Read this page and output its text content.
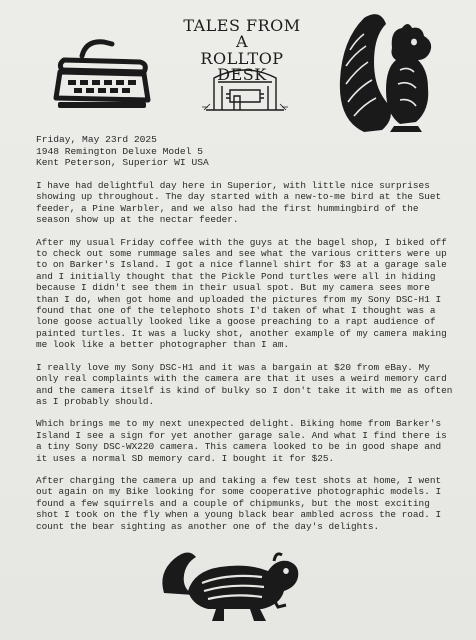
TALES FROM A
ROLLTOP DESK
Friday, May 23rd 2025
1948 Remington Deluxe Model 5
Kent Peterson, Superior WI USA

I have had delightful day here in Superior, with little nice surprises showing up throughout. The day started with a new-to-me bird at the Suet feeder, a Pine Warbler, and we also had the first hummingbird of the season show up at the nectar feeder.

After my usual Friday coffee with the guys at the bagel shop, I biked off to check out some rummage sales and see what the various critters were up to on Barker's Island. I got a nice flannel shirt for $3 at a garage sale and I initially thought that the Pickle Pond turtles were all in hiding because I didn't see them in their usual spot. But my camera sees more than I do, when got home and uploaded the pictures from my Sony DSC-H1 I found that one of the telephoto shots I'd taken of what I thought was a lone goose actually looked like a goose preaching to a rapt audience of painted turtles. It was a lucky shot, another example of my camera making me look like a better photographer than I am.

I really love my Sony DSC-H1 and it was a bargain at $20 from eBay. My only real complaints with the camera are that it uses a weird memory card and the camera itself is kind of bulky so I don't take it with me as often as I probably should.

Which brings me to my next unexpected delight. Biking home from Barker's Island I see a sign for yet another garage sale. And what I find there is a tiny Sony DSC-WX220 camera. This camera looked to be in good shape and it uses a normal SD memory card. I bought it for $25.

After charging the camera up and taking a few test shots at home, I went out again on my Bike looking for some cooperative photographic models. I found a few squirrels and a couple of chipmunks, but the most exciting shot I took on the fly when a young black bear ambled across the road. I count the bear sighting as another one of the day's delights.
